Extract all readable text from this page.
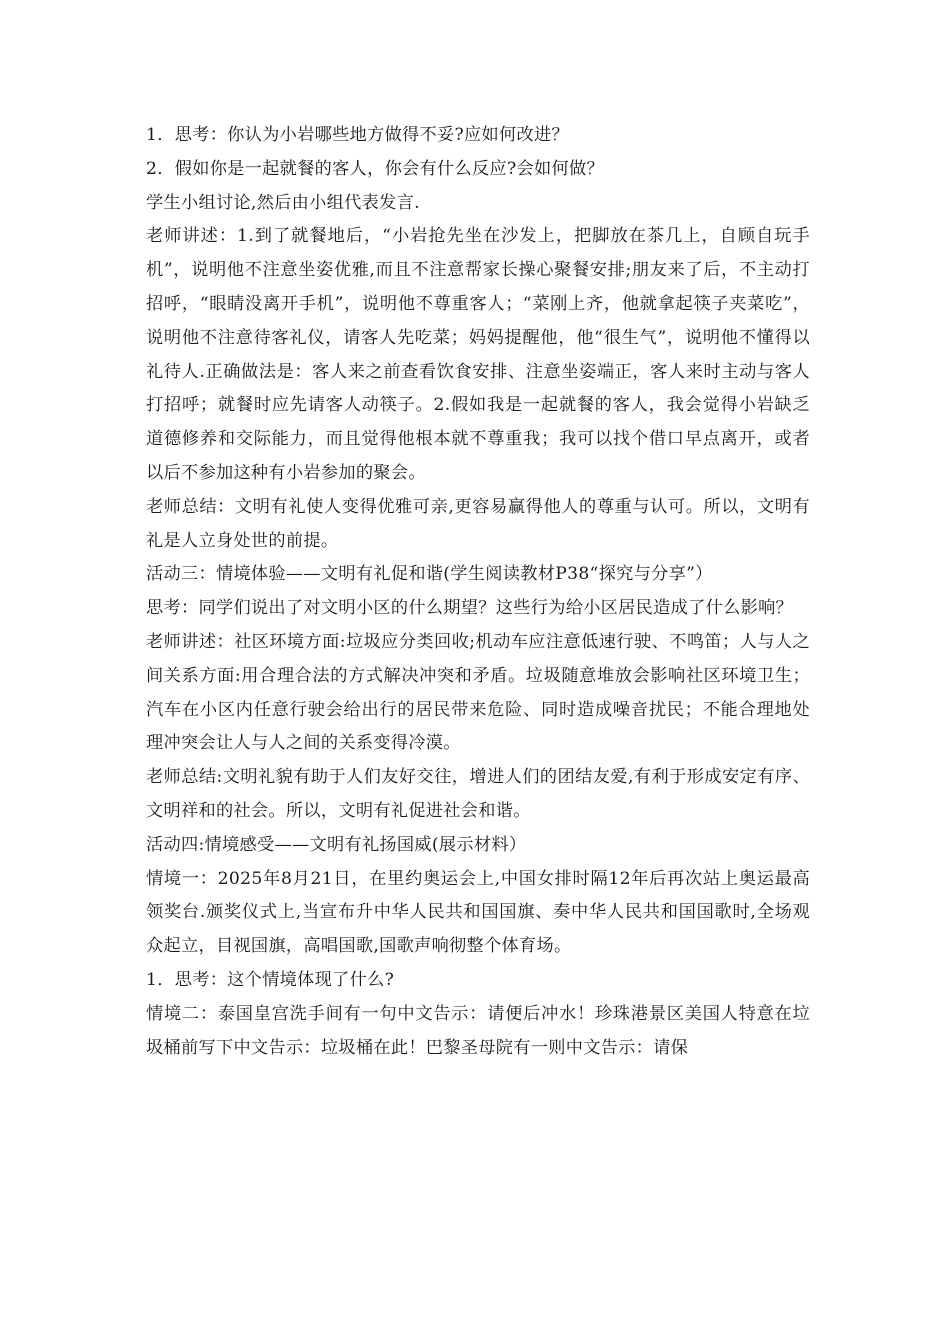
1．思考：你认为小岩哪些地方做得不妥?应如何改进？

2．假如你是一起就餐的客人，你会有什么反应?会如何做？

学生小组讨论,然后由小组代表发言.

老师讲述：1.到了就餐地后，“小岩抢先坐在沙发上，把脚放在茶几上，自顾自玩手机”，说明他不注意坐姿优雅,而且不注意帮家长操心聚餐安排;朋友来了后，不主动打招呼，“眼睛没离开手机”，说明他不尊重客人；“菜刚上齐，他就拿起筷子夹菜吃”，说明他不注意待客礼仪，请客人先吃菜；妈妈提醒他，他“很生气”，说明他不懂得以礼待人.正确做法是：客人来之前查看饮食安排、注意坐姿端正，客人来时主动与客人打招呼；就餐时应先请客人动筷子。2.假如我是一起就餐的客人，我会觉得小岩缺乏道德修养和交际能力，而且觉得他根本就不尊重我；我可以找个借口早点离开，或者以后不参加这种有小岩参加的聚会。

老师总结：文明有礼使人变得优雅可亲,更容易赢得他人的尊重与认可。所以，文明有礼是人立身处世的前提。

活动三：情境体验——文明有礼促和谐(学生阅读教材P38“探究与分享”）

思考：同学们说出了对文明小区的什么期望？这些行为给小区居民造成了什么影响？

老师讲述：社区环境方面:垃圾应分类回收;机动车应注意低速行驶、不鸣笛；人与人之间关系方面:用合理合法的方式解决冲突和矛盾。垃圾随意堆放会影响社区环境卫生；汽车在小区内任意行驶会给出行的居民带来危险、同时造成噪音扰民；不能合理地处理冲突会让人与人之间的关系变得冷漠。

老师总结:文明礼貌有助于人们友好交往，增进人们的团结友爱,有利于形成安定有序、文明祥和的社会。所以，文明有礼促进社会和谐。

活动四:情境感受——文明有礼扬国威(展示材料）

情境一：2025年8月21日，在里约奥运会上,中国女排时隔12年后再次站上奥运最高领奖台.颁奖仪式上,当宣布升中华人民共和国国旗、奏中华人民共和国国歌时,全场观众起立，目视国旗，高唱国歌,国歌声响彻整个体育场。

1．思考：这个情境体现了什么?

情境二：泰国皇宫洗手间有一句中文告示：请便后冲水！珍珠港景区美国人特意在垃圾桶前写下中文告示：垃圾桶在此！巴黎圣母院有一则中文告示：请保
